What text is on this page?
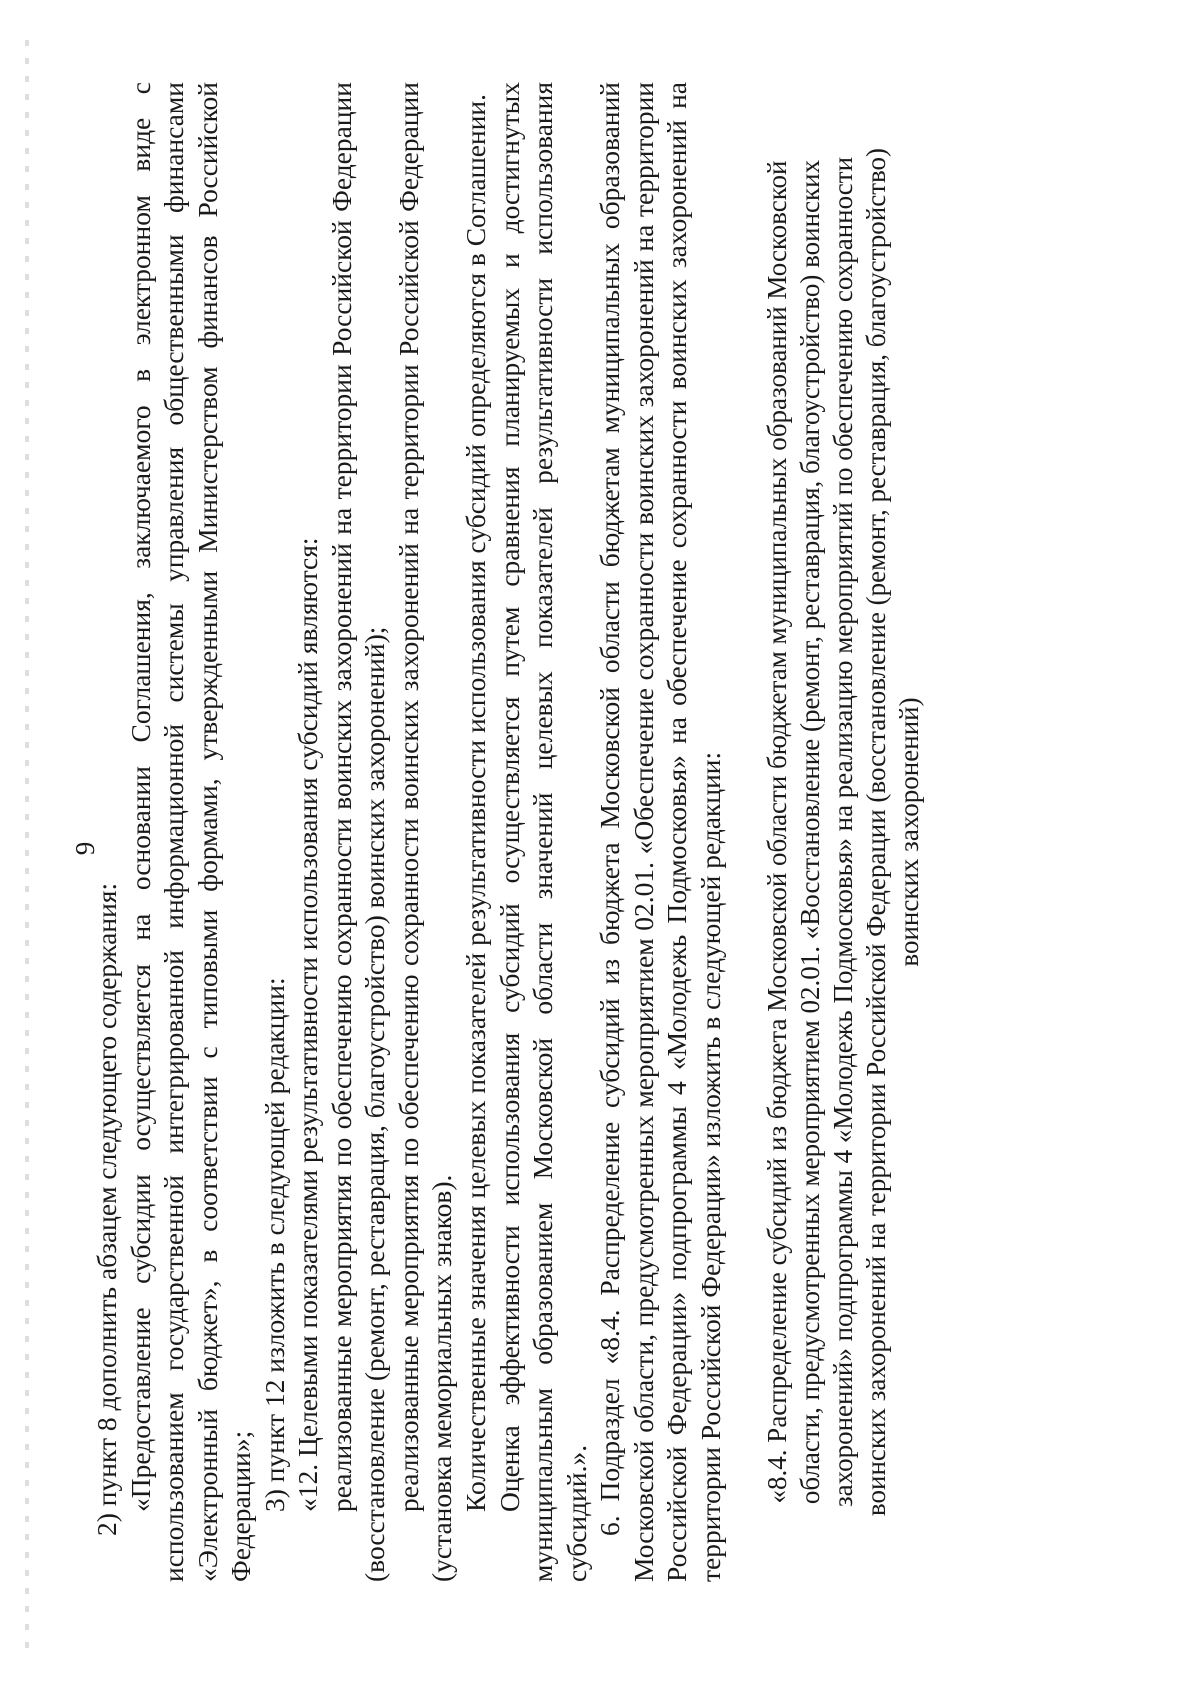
9

2) пункт 8 дополнить абзацем следующего содержания: «Предоставление субсидии осуществляется на основании Соглашения, заключаемого в электронном виде с использованием государственной интегрированной информационной системы управления общественными финансами «Электронный бюджет», в соответствии с типовыми формами, утвержденными Министерством финансов Российской Федерации»; 3) пункт 12 изложить в следующей редакции: «12. Целевыми показателями результативности использования субсидий являются: реализованные мероприятия по обеспечению сохранности воинских захоронений на территории Российской Федерации (восстановление (ремонт, реставрация, благоустройство) воинских захоронений); реализованные мероприятия по обеспечению сохранности воинских захоронений на территории Российской Федерации (установка мемориальных знаков). Количественные значения целевых показателей результативности использования субсидий определяются в Соглашении. Оценка эффективности использования субсидий осуществляется путем сравнения планируемых и достигнутых муниципальным образованием Московской области значений целевых показателей результативности использования субсидий.». 6. Подраздел «8.4. Распределение субсидий из бюджета Московской области бюджетам муниципальных образований Московской области, предусмотренных мероприятием 02.01. «Обеспечение сохранности воинских захоронений на территории Российской Федерации» подпрограммы 4 «Молодежь Подмосковья» на обеспечение сохранности воинских захоронений на территории Российской Федерации» изложить в следующей редакции: «8.4. Распределение субсидий из бюджета Московской области бюджетам муниципальных образований Московской области, предусмотренных мероприятием 02.01. «Восстановление (ремонт, реставрация, благоустройство) воинских захоронений» подпрограммы 4 «Молодежь Подмосковья» на реализацию мероприятий по обеспечению сохранности воинских захоронений на территории Российской Федерации (восстановление (ремонт, реставрация, благоустройство) воинских захоронений)
